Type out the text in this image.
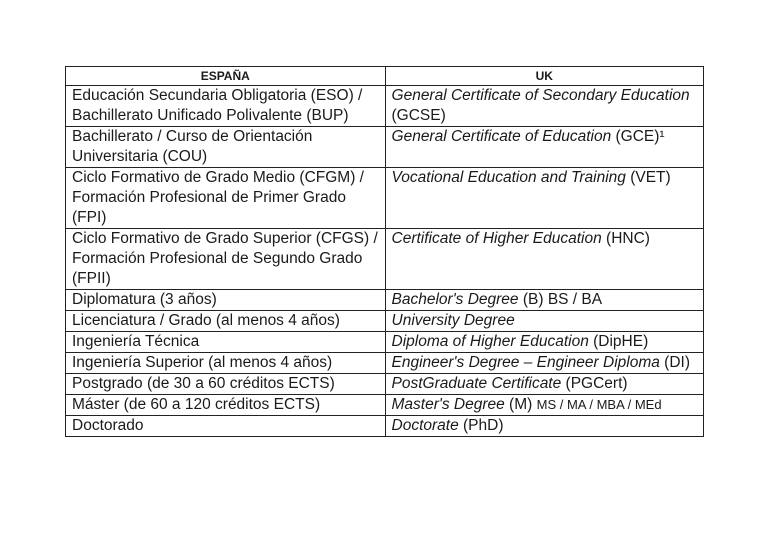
ESPAÑA	UK
Educación Secundaria Obligatoria (ESO) / Bachillerato Unificado Polivalente (BUP)	General Certificate of Secondary Education (GCSE)
Bachillerato / Curso de Orientación Universitaria (COU)	General Certificate of Education (GCE)¹
Ciclo Formativo de Grado Medio (CFGM) / Formación Profesional de Primer Grado (FPI)	Vocational Education and Training (VET)
Ciclo Formativo de Grado Superior (CFGS) / Formación Profesional de Segundo Grado (FPII)	Certificate of Higher Education (HNC)
Diplomatura (3 años)	Bachelor's Degree (B) BS / BA
Licenciatura / Grado (al menos 4 años)	University Degree
Ingeniería Técnica	Diploma of Higher Education (DipHE)
Ingeniería Superior (al menos 4 años)	Engineer's Degree – Engineer Diploma (DI)
Postgrado (de 30 a 60 créditos ECTS)	PostGraduate Certificate (PGCert)
Máster (de 60 a 120 créditos ECTS)	Master's Degree (M) MS / MA / MBA / MEd
Doctorado	Doctorate (PhD)
